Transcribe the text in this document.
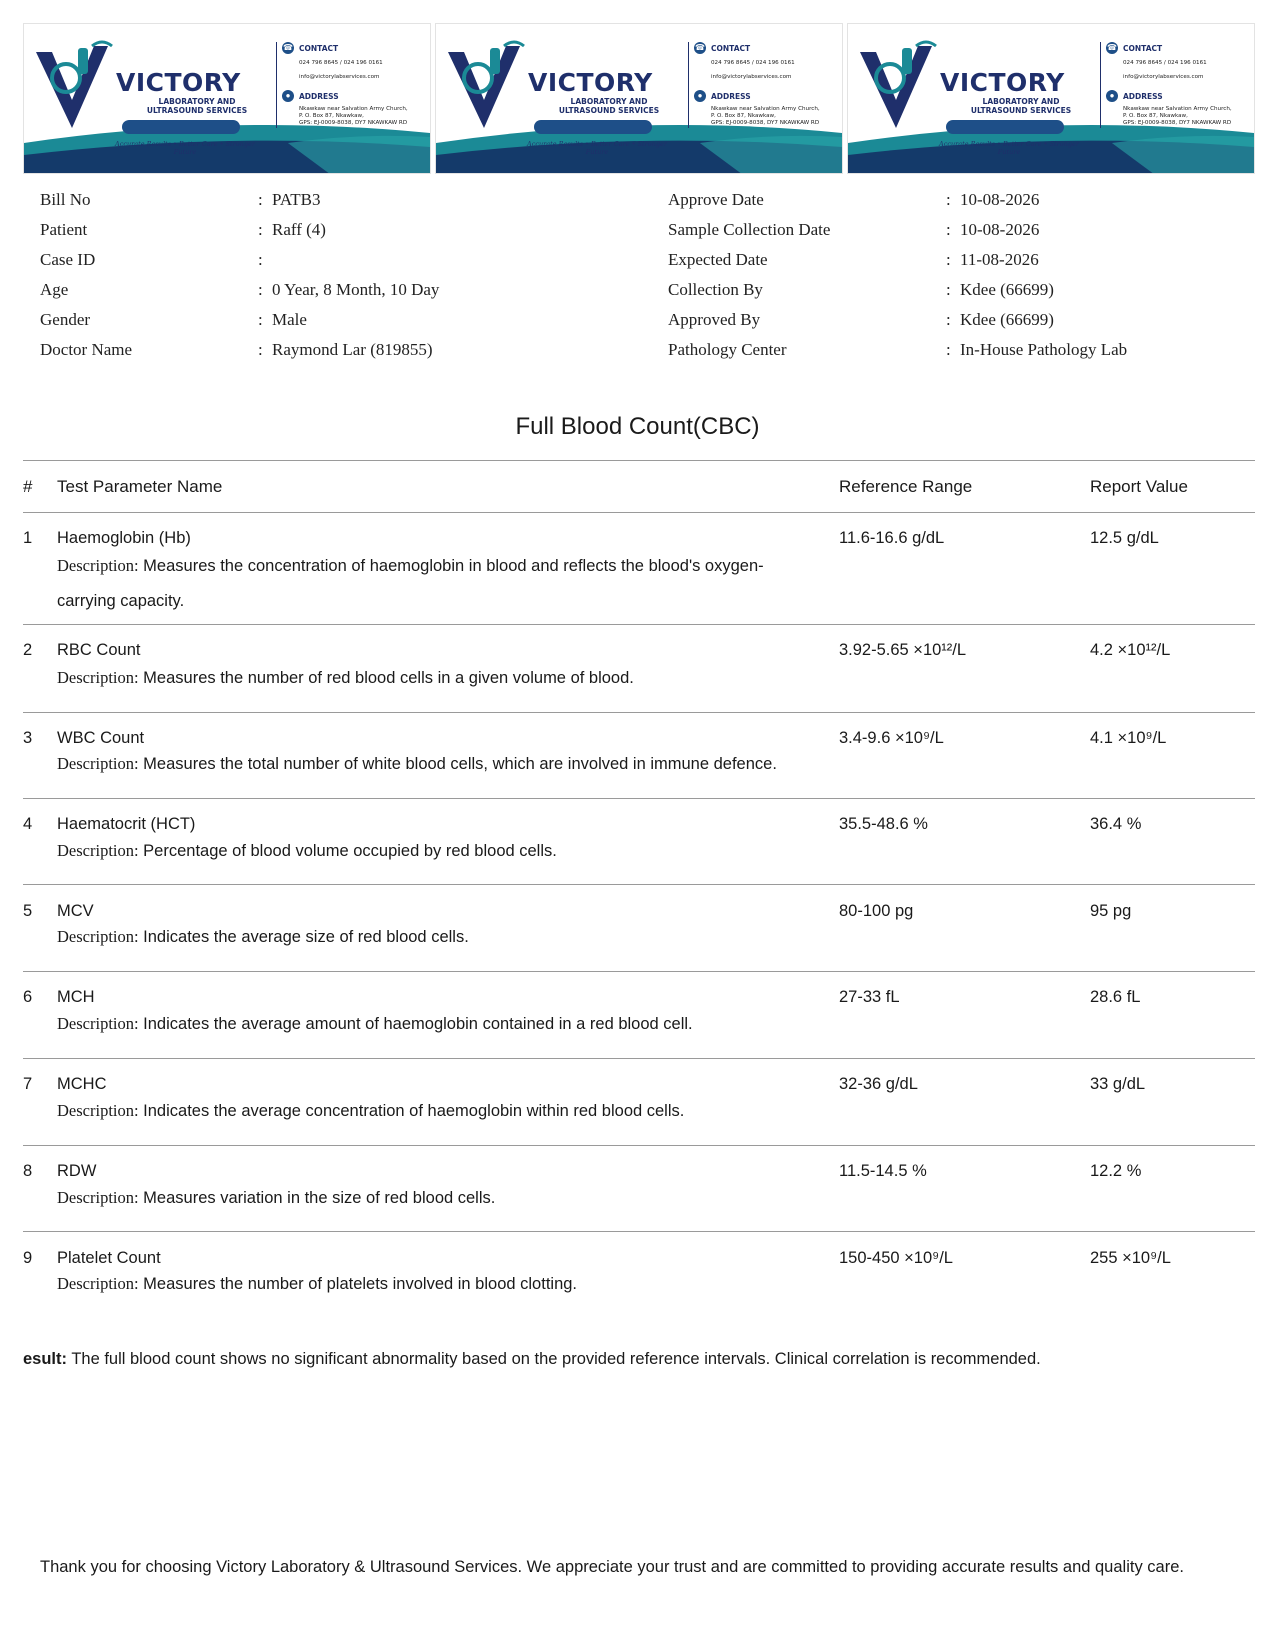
VICTORY
LABORATORY AND
ULTRASOUND SERVICES
Accurate Results • Better Care • Stronger Future
☎ CONTACT
024 796 8645 / 024 196 0161
info@victorylabservices.com
●	ADDRESS
Nkawkaw near Salvation Army Church,
P. O. Box 87, Nkawkaw,
GPS: EJ-0009-8038, DY7 NKAWKAW RD
VICTORY
LABORATORY AND
ULTRASOUND SERVICES
Accurate Results • Better Care • Stronger Future
☎ CONTACT
024 796 8645 / 024 196 0161
info@victorylabservices.com
●	ADDRESS
Nkawkaw near Salvation Army Church,
P. O. Box 87, Nkawkaw,
GPS: EJ-0009-8038, DY7 NKAWKAW RD
VICTORY
LABORATORY AND
ULTRASOUND SERVICES
Accurate Results • Better Care • Stronger Future
☎ CONTACT
024 796 8645 / 024 196 0161
info@victorylabservices.com
●	ADDRESS
Nkawkaw near Salvation Army Church,
P. O. Box 87, Nkawkaw,
GPS: EJ-0009-8038, DY7 NKAWKAW RD
Bill No	: PATB3
Patient	: Raff (4)
Case ID	:
Age	: 0 Year, 8 Month, 10 Day
Gender	: Male
Doctor Name	: Raymond Lar (819855)
Approve Date	: 10-08-2026
Sample Collection Date	: 10-08-2026
Expected Date	: 11-08-2026
Collection By	: Kdee (66699)
Approved By	: Kdee (66699)
Pathology Center	: In-House Pathology Lab
Full Blood Count(CBC)
# Test Parameter Name	Reference Range	Report Value
1 Haemoglobin (Hb)	11.6-16.6 g/dL	12.5 g/dL
Description: Measures the concentration of haemoglobin in blood and reflects the blood's oxygen-
carrying capacity.
2 RBC Count	3.92-5.65 ×10¹²/L	4.2 ×10¹²/L
Description: Measures the number of red blood cells in a given volume of blood.
3 WBC Count	3.4-9.6 ×10⁹/L	4.1 ×10⁹/L
Description: Measures the total number of white blood cells, which are involved in immune defence.
4 Haematocrit (HCT)	35.5-48.6 %	36.4 %
Description: Percentage of blood volume occupied by red blood cells.
5 MCV	80-100 pg	95 pg
Description: Indicates the average size of red blood cells.
6 MCH	27-33 fL	28.6 fL
Description: Indicates the average amount of haemoglobin contained in a red blood cell.
7 MCHC	32-36 g/dL	33 g/dL
Description: Indicates the average concentration of haemoglobin within red blood cells.
8 RDW	11.5-14.5 %	12.2 %
Description: Measures variation in the size of red blood cells.
9 Platelet Count	150-450 ×10⁹/L	255 ×10⁹/L
Description: Measures the number of platelets involved in blood clotting.
esult: The full blood count shows no significant abnormality based on the provided reference intervals. Clinical correlation is recommended.
Thank you for choosing Victory Laboratory & Ultrasound Services. We appreciate your trust and are committed to providing accurate results and quality care.
